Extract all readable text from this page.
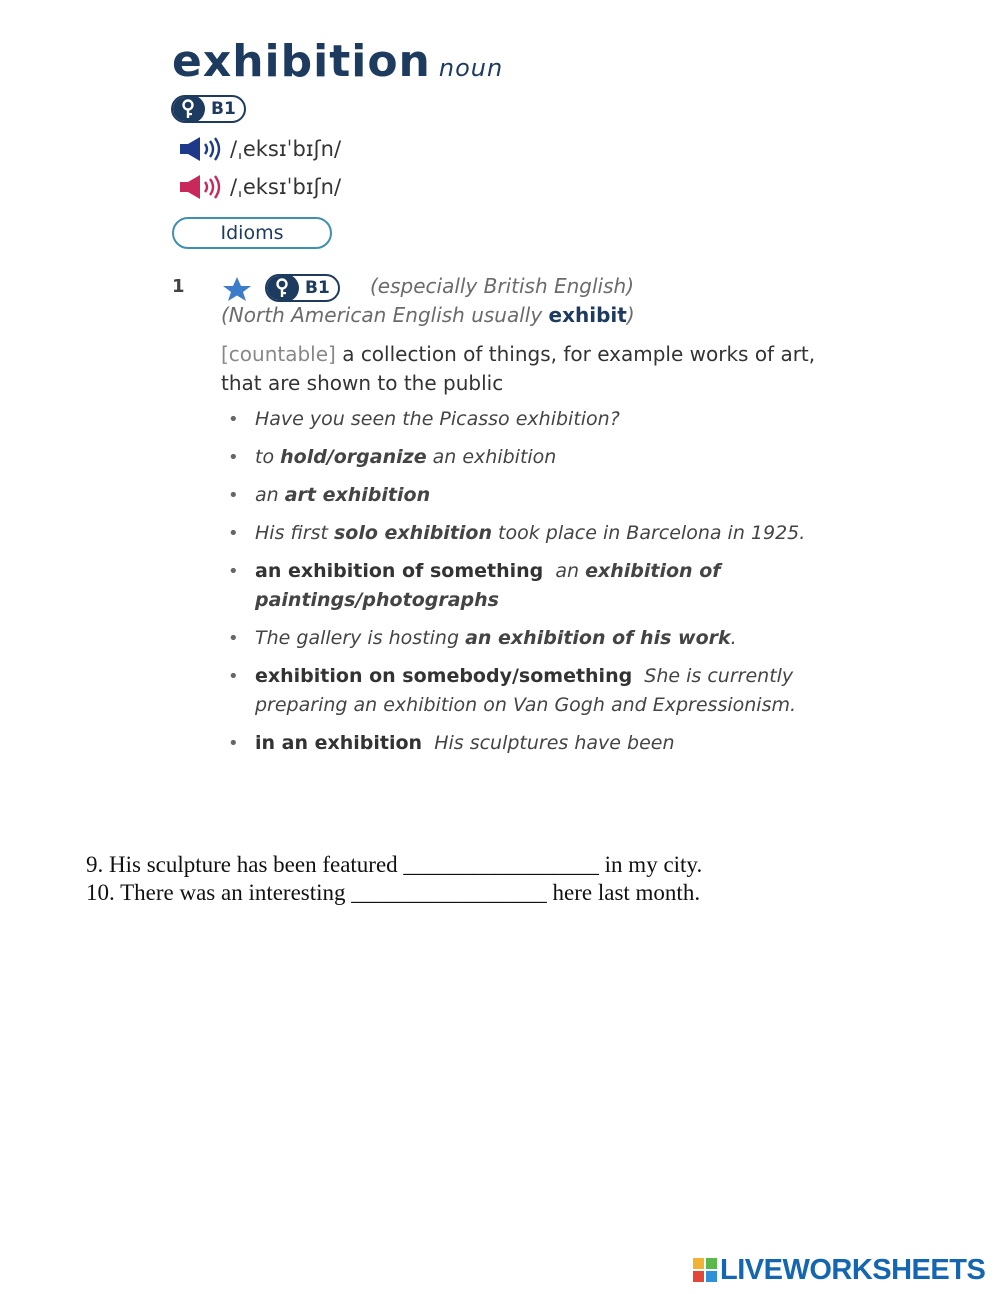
exhibition noun
B1
/ˌeksɪˈbɪʃn/
/ˌeksɪˈbɪʃn/
Idioms
1	B1	(especially British English)
(North American English usually exhibit)
[countable] a collection of things, for example works of art, that are shown to the public
• Have you seen the Picasso exhibition?
• to hold/organize an exhibition
• an art exhibition
• His first solo exhibition took place in Barcelona in 1925.
• an exhibition of something an exhibition of paintings/photographs
• The gallery is hosting an exhibition of his work.
• exhibition on somebody/something She is currently preparing an exhibition on Van Gogh and Expressionism.
• in an exhibition His sculptures have been
9. His sculpture has been featured _________________ in my city.
10. There was an interesting _________________ here last month.
LIVEWORKSHEETS
